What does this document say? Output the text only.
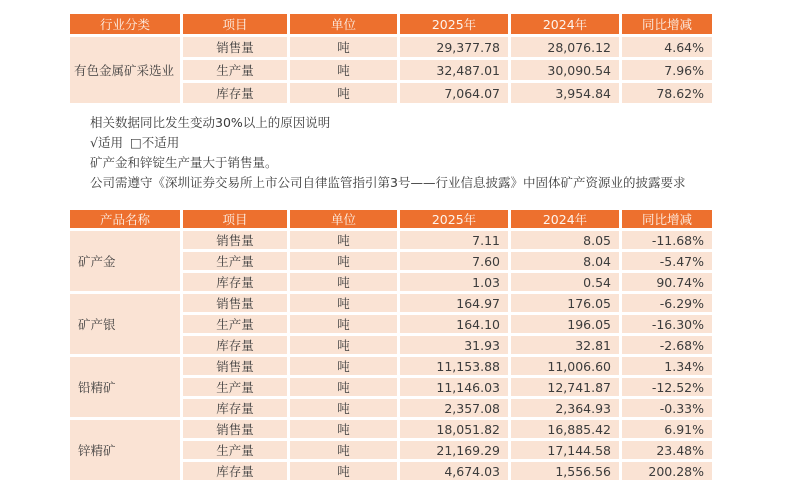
行业分类	项目	单位	2025年	2024年	同比增减
有色金属矿采选业	销售量	吨	29,377.78	28,076.12	4.64%
	生产量	吨	32,487.01	30,090.54	7.96%
	库存量	吨	7,064.07	3,954.84	78.62%

相关数据同比发生变动30%以上的原因说明

√适用 □不适用

矿产金和锌锭生产量大于销售量。

公司需遵守《深圳证券交易所上市公司自律监管指引第3号——行业信息披露》中固体矿产资源业的披露要求

产品名称	项目	单位	2025年	2024年	同比增减
矿产金	销售量	吨	7.11	8.05	-11.68%
	生产量	吨	7.60	8.04	-5.47%
	库存量	吨	1.03	0.54	90.74%
矿产银	销售量	吨	164.97	176.05	-6.29%
	生产量	吨	164.10	196.05	-16.30%
	库存量	吨	31.93	32.81	-2.68%
铅精矿	销售量	吨	11,153.88	11,006.60	1.34%
	生产量	吨	11,146.03	12,741.87	-12.52%
	库存量	吨	2,357.08	2,364.93	-0.33%
锌精矿	销售量	吨	18,051.82	16,885.42	6.91%
	生产量	吨	21,169.29	17,144.58	23.48%
	库存量	吨	4,674.03	1,556.56	200.28%
